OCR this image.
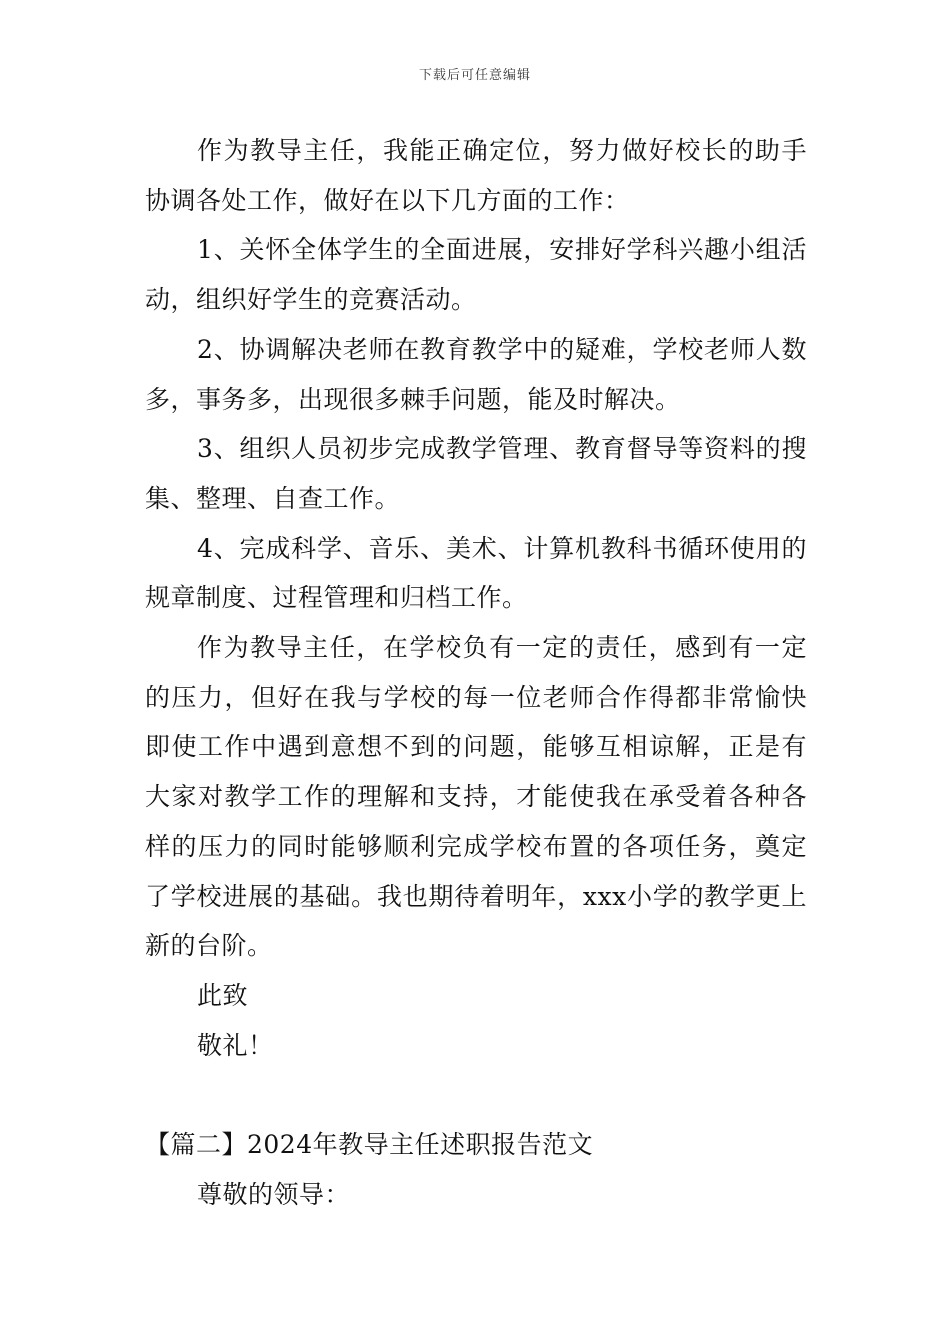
下载后可任意编辑

作为教导主任，我能正确定位，努力做好校长的助手协调各处工作，做好在以下几方面的工作：

1、关怀全体学生的全面进展，安排好学科兴趣小组活动，组织好学生的竞赛活动。

2、协调解决老师在教育教学中的疑难，学校老师人数多，事务多，出现很多棘手问题，能及时解决。

3、组织人员初步完成教学管理、教育督导等资料的搜集、整理、自查工作。

4、完成科学、音乐、美术、计算机教科书循环使用的规章制度、过程管理和归档工作。

作为教导主任，在学校负有一定的责任，感到有一定的压力，但好在我与学校的每一位老师合作得都非常愉快即使工作中遇到意想不到的问题，能够互相谅解，正是有大家对教学工作的理解和支持，才能使我在承受着各种各样的压力的同时能够顺利完成学校布置的各项任务，奠定了学校进展的基础。我也期待着明年，xxx小学的教学更上新的台阶。

此致

敬礼！

【篇二】2024年教导主任述职报告范文

尊敬的领导：
